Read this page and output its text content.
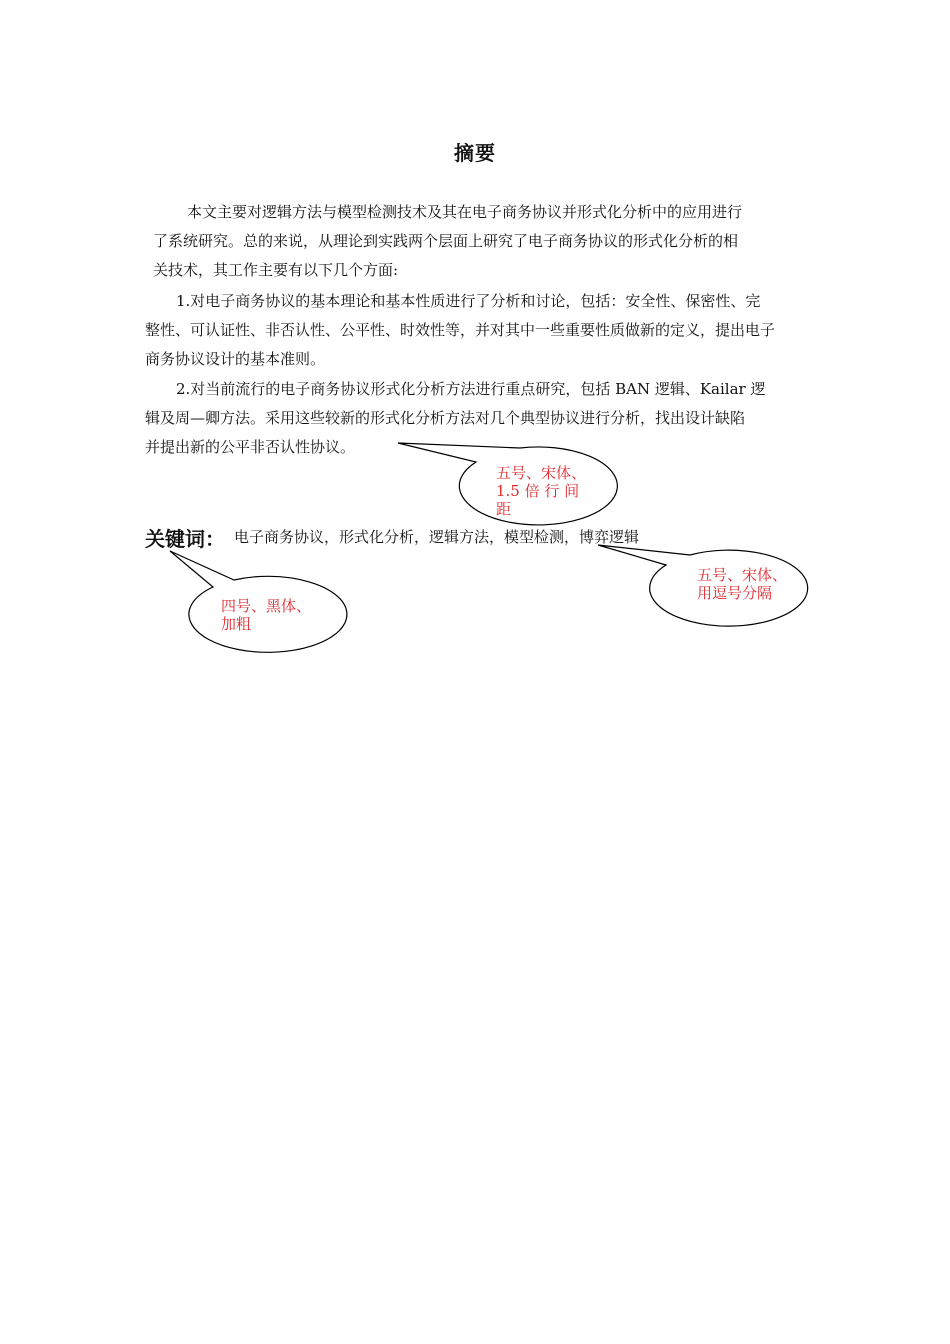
摘要
本文主要对逻辑方法与模型检测技术及其在电子商务协议并形式化分析中的应用进行
了系统研究。总的来说，从理论到实践两个层面上研究了电子商务协议的形式化分析的相
关技术，其工作主要有以下几个方面:
1.对电子商务协议的基本理论和基本性质进行了分析和讨论，包括：安全性、保密性、完
整性、可认证性、非否认性、公平性、时效性等，并对其中一些重要性质做新的定义，提出电子
商务协议设计的基本准则。
2.对当前流行的电子商务协议形式化分析方法进行重点研究，包括 BAN 逻辑、Kailar 逻
辑及周—卿方法。采用这些较新的形式化分析方法对几个典型协议进行分析，找出设计缺陷
并提出新的公平非否认性协议。
关键词： 电子商务协议，形式化分析，逻辑方法，模型检测，博弈逻辑
五号、宋体、1.5 倍 行 间距
五号、宋体、用逗号分隔
四号、黑体、加粗
